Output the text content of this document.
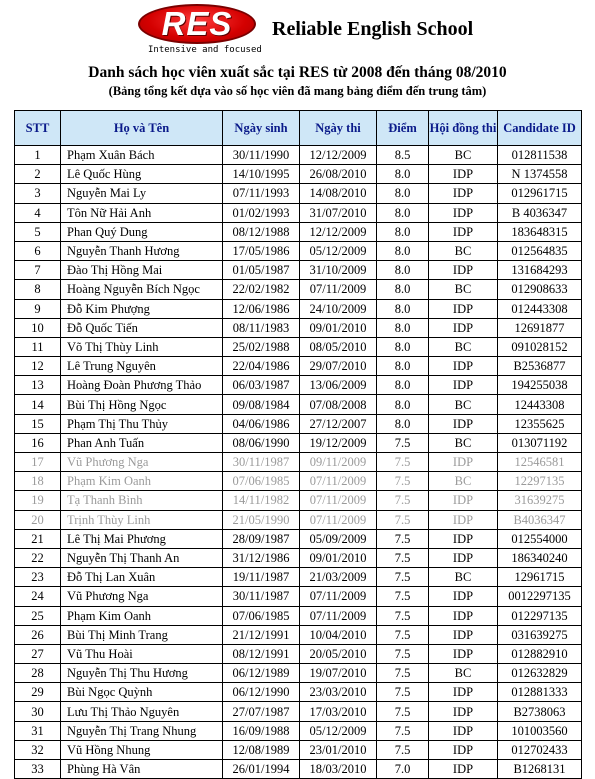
RES
Intensive and focused
Reliable English School
Danh sách học viên xuất sắc tại RES từ 2008 đến tháng 08/2010
(Bảng tổng kết dựa vào số học viên đã mang bảng điểm đến trung tâm)
STT	Họ và Tên	Ngày sinh	Ngày thi	Điểm	Hội đồng thi	Candidate ID
1	Phạm Xuân Bách	30/11/1990	12/12/2009	8.5	BC	012811538
2	Lê Quốc Hùng	14/10/1995	26/08/2010	8.0	IDP	N 1374558
3	Nguyễn Mai Ly	07/11/1993	14/08/2010	8.0	IDP	012961715
4	Tôn Nữ Hải Anh	01/02/1993	31/07/2010	8.0	IDP	B 4036347
5	Phan Quý Dung	08/12/1988	12/12/2009	8.0	IDP	183648315
6	Nguyễn Thanh Hương	17/05/1986	05/12/2009	8.0	BC	012564835
7	Đào Thị Hồng Mai	01/05/1987	31/10/2009	8.0	IDP	131684293
8	Hoàng Nguyễn Bích Ngọc	22/02/1982	07/11/2009	8.0	BC	012908633
9	Đỗ Kim Phượng	12/06/1986	24/10/2009	8.0	IDP	012443308
10	Đỗ Quốc Tiến	08/11/1983	09/01/2010	8.0	IDP	12691877
11	Võ Thị Thùy Linh	25/02/1988	08/05/2010	8.0	BC	091028152
12	Lê Trung Nguyên	22/04/1986	29/07/2010	8.0	IDP	B2536877
13	Hoàng Đoàn Phương Thảo	06/03/1987	13/06/2009	8.0	IDP	194255038
14	Bùi Thị Hồng Ngọc	09/08/1984	07/08/2008	8.0	BC	12443308
15	Phạm Thị Thu Thủy	04/06/1986	27/12/2007	8.0	IDP	12355625
16	Phan Anh Tuấn	08/06/1990	19/12/2009	7.5	BC	013071192
17	Vũ Phương Nga	30/11/1987	09/11/2009	7.5	IDP	12546581
18	Phạm Kim Oanh	07/06/1985	07/11/2009	7.5	BC	12297135
19	Tạ Thanh Bình	14/11/1982	07/11/2009	7.5	IDP	31639275
20	Trịnh Thùy Linh	21/05/1990	07/11/2009	7.5	IDP	B4036347
21	Lê Thị Mai Phương	28/09/1987	05/09/2009	7.5	IDP	012554000
22	Nguyễn Thị Thanh An	31/12/1986	09/01/2010	7.5	IDP	186340240
23	Đỗ Thị Lan Xuân	19/11/1987	21/03/2009	7.5	BC	12961715
24	Vũ Phương Nga	30/11/1987	07/11/2009	7.5	IDP	0012297135
25	Phạm Kim Oanh	07/06/1985	07/11/2009	7.5	IDP	012297135
26	Bùi Thị Minh Trang	21/12/1991	10/04/2010	7.5	IDP	031639275
27	Vũ Thu Hoài	08/12/1991	20/05/2010	7.5	IDP	012882910
28	Nguyễn Thị Thu Hương	06/12/1989	19/07/2010	7.5	BC	012632829
29	Bùi Ngọc Quỳnh	06/12/1990	23/03/2010	7.5	IDP	012881333
30	Lưu Thị Thảo Nguyên	27/07/1987	17/03/2010	7.5	IDP	B2738063
31	Nguyễn Thị Trang Nhung	16/09/1988	05/12/2009	7.5	IDP	101003560
32	Vũ Hồng Nhung	12/08/1989	23/01/2010	7.5	IDP	012702433
33	Phùng Hà Vân	26/01/1994	18/03/2010	7.0	IDP	B1268131
